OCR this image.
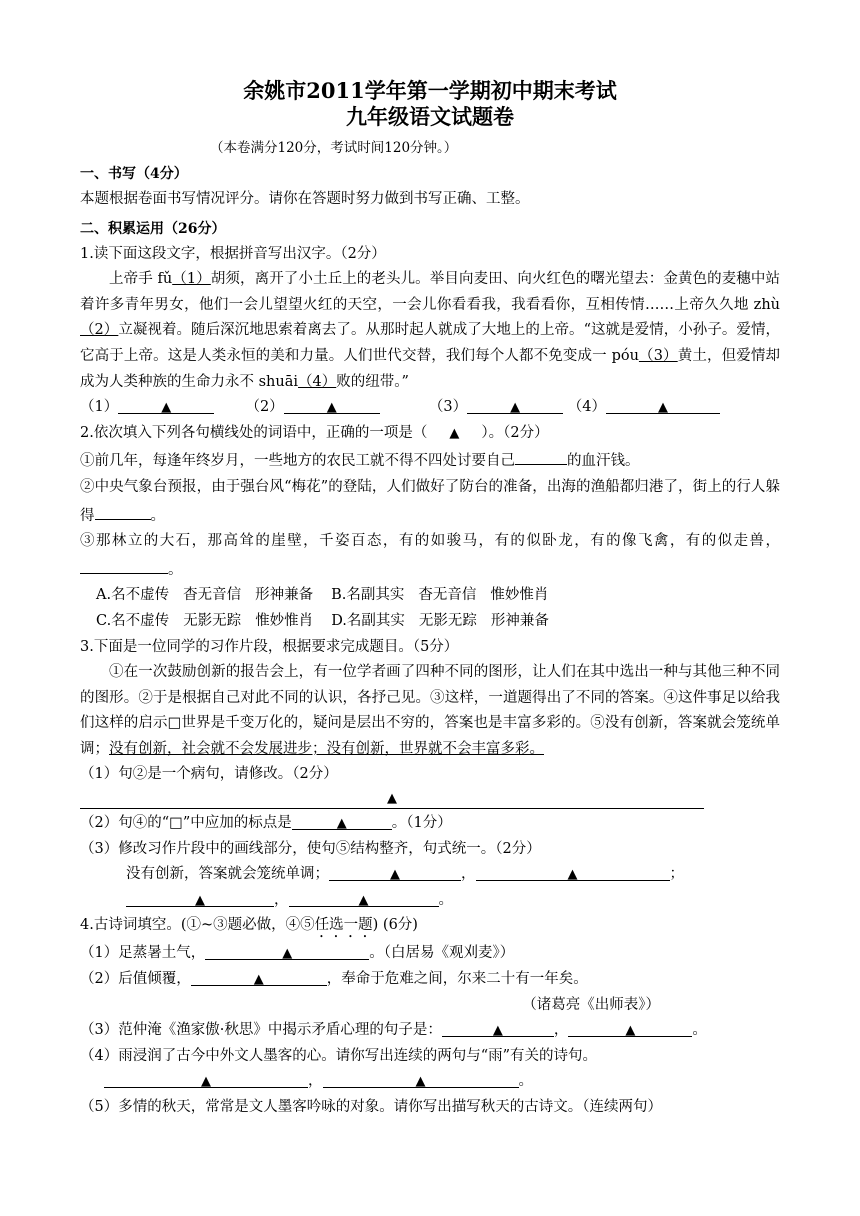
余姚市2011学年第一学期初中期末考试

九年级语文试题卷

（本卷满分120分，考试时间120分钟。）

一、书写（4分）

本题根据卷面书写情况评分。请你在答题时努力做到书写正确、工整。

二、积累运用（26分）

1.读下面这段文字，根据拼音写出汉字。（2分）

上帝手 fǔ（1）胡须，离开了小土丘上的老头儿。举目向麦田、向火红色的曙光望去：金黄色的麦穗中站着许多青年男女，他们一会儿望望火红的天空，一会儿你看看我，我看看你，互相传情……上帝久久地 zhù（2）立凝视着。随后深沉地思索着离去了。从那时起人就成了大地上的上帝。“这就是爱情，小孙子。爱情，它高于上帝。这是人类永恒的美和力量。人们世代交替，我们每个人都不免变成一 póu（3）黄土，但爱情却成为人类种族的生命力永不 shuāi（4）败的纽带。”

（1）	▲	（2）	▲	（3）	▲	（4）	▲

2.依次填入下列各句横线处的词语中，正确的一项是（ ▲ ）。（2分）

①前几年，每逢年终岁月，一些地方的农民工就不得不四处讨要自己	的血汗钱。

②中央气象台预报，由于强台风“梅花”的登陆，人们做好了防台的准备，出海的渔船都归港了，街上的行人躲得	。

③那林立的大石，那高耸的崖壁，千姿百态，有的如骏马，有的似卧龙，有的像飞禽，有的似走兽，。

A.名不虚传 杳无音信 形神兼备 B.名副其实 杳无音信 惟妙惟肖

C.名不虚传 无影无踪 惟妙惟肖 D.名副其实 无影无踪 形神兼备

3.下面是一位同学的习作片段，根据要求完成题目。（5分）

①在一次鼓励创新的报告会上，有一位学者画了四种不同的图形，让人们在其中选出一种与其他三种不同的图形。②于是根据自己对此不同的认识，各抒己见。③这样，一道题得出了不同的答案。④这件事足以给我们这样的启示□世界是千变万化的，疑问是层出不穷的，答案也是丰富多彩的。⑤没有创新，答案就会笼统单调；没有创新，社会就不会发展进步；没有创新，世界就不会丰富多彩。

（1）句②是一个病句，请修改。（2分）

▲

（2）句④的“□”中应加的标点是	▲	。（1分）

（3）修改习作片段中的画线部分，使句⑤结构整齐，句式统一。（2分）

没有创新，答案就会笼统单调；	▲	，	▲	；

▲	，	▲	。

4.古诗词填空。(①~③题必做，④⑤任选一题) (6分)

（1）足蒸暑土气，	▲	。（白居易《观刈麦》）

（2）后值倾覆，	▲	，奉命于危难之间，尔来二十有一年矣。

（诸葛亮《出师表》）

（3）范仲淹《渔家傲·秋思》中揭示矛盾心理的句子是：	▲	，	▲	。

（4）雨浸润了古今中外文人墨客的心。请你写出连续的两句与“雨”有关的诗句。

▲	，	▲	。

（5）多情的秋天，常常是文人墨客吟咏的对象。请你写出描写秋天的古诗文。（连续两句）
